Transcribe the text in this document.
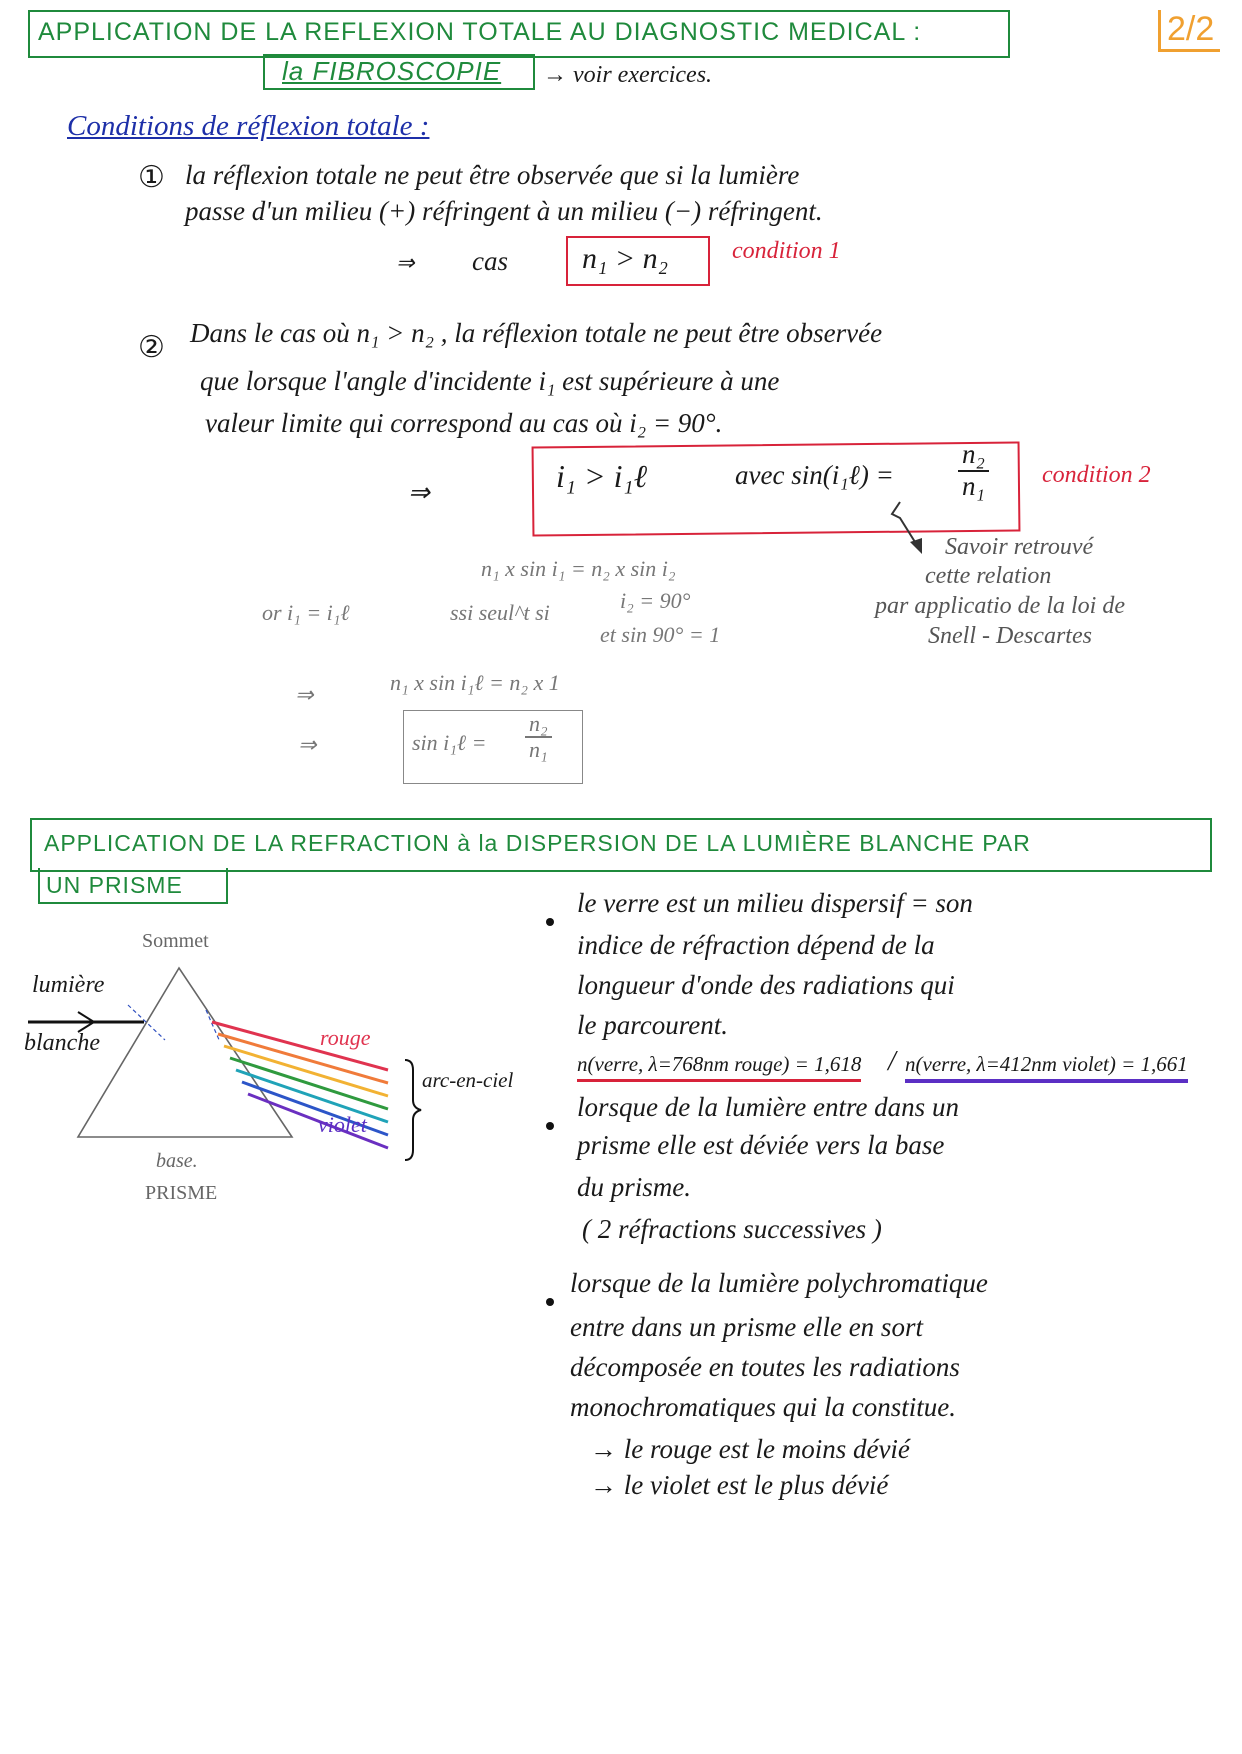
2/2
APPLICATION DE LA REFLEXION TOTALE AU DIAGNOSTIC MEDICAL :
la FIBROSCOPIE → voir exercices.
Conditions de réflexion totale :
① la réflexion totale ne peut être observée que si la lumière
passe d'un milieu (+) réfringent à un milieu (−) réfringent.
⇒ cas n₁ > n₂	condition 1
② Dans le cas où n₁ > n₂ , la réflexion totale ne peut être observée
que lorsque l'angle d'incidente i₁ est supérieure à une
valeur limite qui correspond au cas où i₂ = 90°.
⇒	i₁ > i₁ℓ	avec sin(i₁ℓ) = $\frac{\text{n₂}}{\text{n₁}}$ condition 2
Savoir retrouvé
cette relation
par applicatio de la loi de
Snell - Descartes
n₁ x sin i₁ = n₂ x sin i₂
or i₁ = i₁ℓ	ssi seul^t si	i₂ = 90°
et sin 90° = 1
⇒	n₁ x sin i₁ℓ = n₂ x 1
⇒	sin i₁ℓ = $\frac{\text{n₂}}{\text{n₁}}$
APPLICATION DE LA REFRACTION à la DISPERSION DE LA LUMIÈRE BLANCHE PAR
UN PRISME
Sommet
lumière
blanche	rouge
violet
arc-en-ciel
base.
PRISME
le verre est un milieu dispersif = son
indice de réfraction dépend de la
longueur d'onde des radiations qui
le parcourent.
n(verre, λ=768nm rouge) = 1,618 / n(verre, λ=412nm violet) = 1,661
lorsque de la lumière entre dans un
prisme elle est déviée vers la base
du prisme.
( 2 réfractions successives )
lorsque de la lumière polychromatique
entre dans un prisme elle en sort
décomposée en toutes les radiations
monochromatiques qui la constitue.
→ le rouge est le moins dévié
→ le violet est le plus dévié
